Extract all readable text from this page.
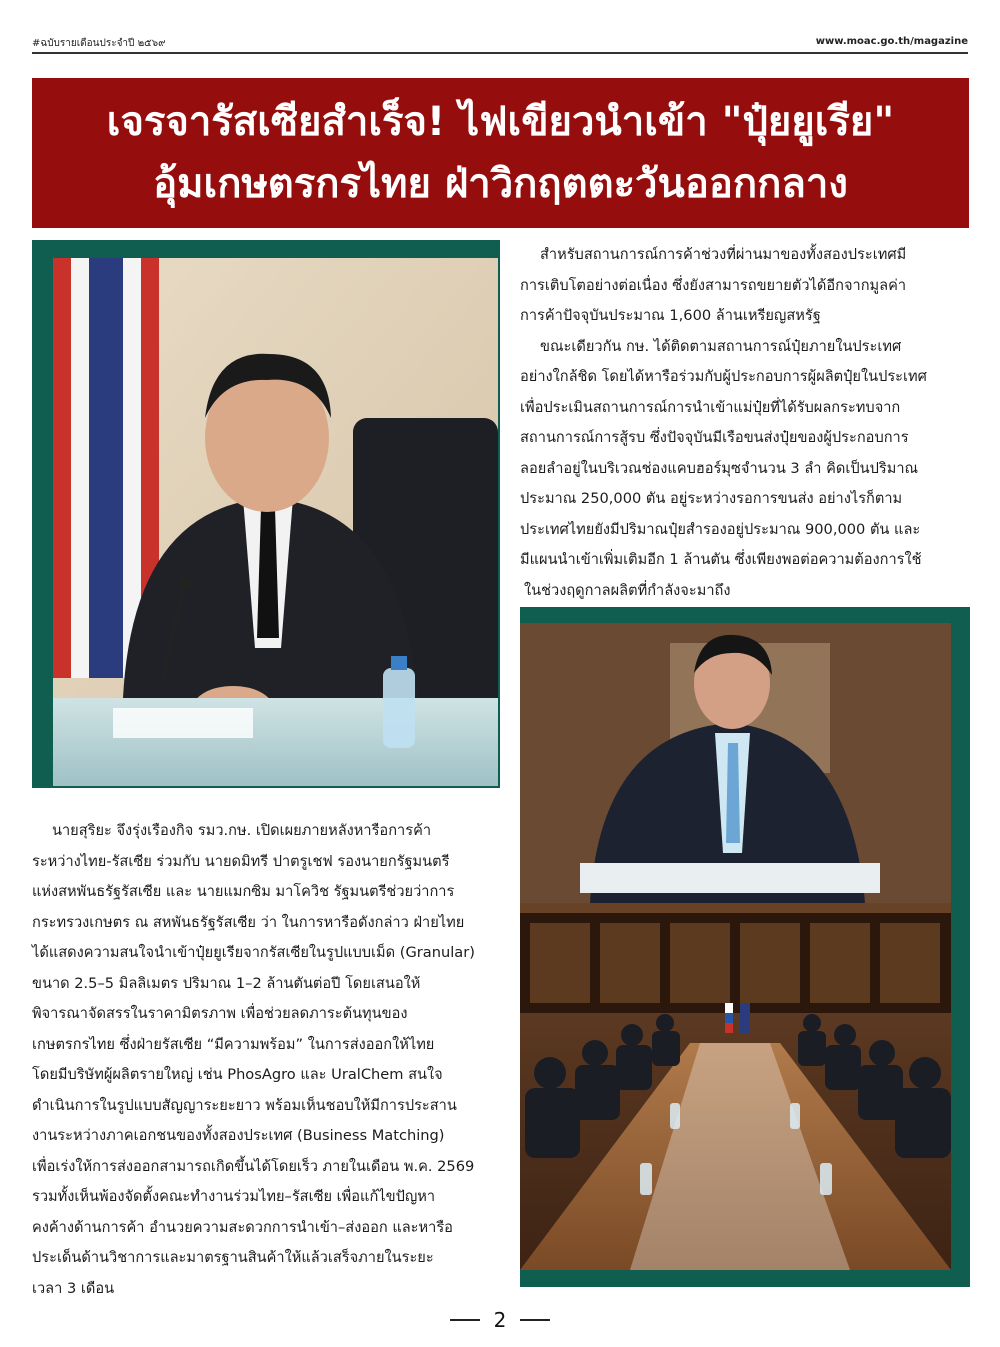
#ฉบับรายเดือนประจำปี ๒๕๖๙	www.moac.go.th/magazine
เจรจารัสเซียสำเร็จ! ไฟเขียวนำเข้า "ปุ๋ยยูเรีย"
อุ้มเกษตรกรไทย ฝ่าวิกฤตตะวันออกกลาง

สำหรับสถานการณ์การค้าช่วงที่ผ่านมาของทั้งสองประเทศมี

การเติบโตอย่างต่อเนื่อง ซึ่งยังสามารถขยายตัวได้อีกจากมูลค่า

การค้าปัจจุบันประมาณ 1,600 ล้านเหรียญสหรัฐ

ขณะเดียวกัน กษ. ได้ติดตามสถานการณ์ปุ๋ยภายในประเทศ

อย่างใกล้ชิด โดยได้หารือร่วมกับผู้ประกอบการผู้ผลิตปุ๋ยในประเทศ

เพื่อประเมินสถานการณ์การนำเข้าแม่ปุ๋ยที่ได้รับผลกระทบจาก

สถานการณ์การสู้รบ ซึ่งปัจจุบันมีเรือขนส่งปุ๋ยของผู้ประกอบการ

ลอยลำอยู่ในบริเวณช่องแคบฮอร์มุซจำนวน 3 ลำ คิดเป็นปริมาณ

ประมาณ 250,000 ตัน อยู่ระหว่างรอการขนส่ง อย่างไรก็ตาม

ประเทศไทยยังมีปริมาณปุ๋ยสำรองอยู่ประมาณ 900,000 ตัน และ

มีแผนนำเข้าเพิ่มเติมอีก 1 ล้านตัน ซึ่งเพียงพอต่อความต้องการใช้

ในช่วงฤดูกาลผลิตที่กำลังจะมาถึง

นายสุริยะ จึงรุ่งเรืองกิจ รมว.กษ. เปิดเผยภายหลังหารือการค้า

ระหว่างไทย-รัสเซีย ร่วมกับ นายดมิทรี ปาตรูเชฟ รองนายกรัฐมนตรี

แห่งสหพันธรัฐรัสเซีย และ นายแมกซิม มาโควิช รัฐมนตรีช่วยว่าการ

กระทรวงเกษตร ณ สหพันธรัฐรัสเซีย ว่า ในการหารือดังกล่าว ฝ่ายไทย

ได้แสดงความสนใจนำเข้าปุ๋ยยูเรียจากรัสเซียในรูปแบบเม็ด (Granular)

ขนาด 2.5–5 มิลลิเมตร ปริมาณ 1–2 ล้านตันต่อปี โดยเสนอให้

พิจารณาจัดสรรในราคามิตรภาพ เพื่อช่วยลดภาระต้นทุนของ

เกษตรกรไทย ซึ่งฝ่ายรัสเซีย “มีความพร้อม” ในการส่งออกให้ไทย

โดยมีบริษัทผู้ผลิตรายใหญ่ เช่น PhosAgro และ UralChem สนใจ

ดำเนินการในรูปแบบสัญญาระยะยาว พร้อมเห็นชอบให้มีการประสาน

งานระหว่างภาคเอกชนของทั้งสองประเทศ (Business Matching)

เพื่อเร่งให้การส่งออกสามารถเกิดขึ้นได้โดยเร็ว ภายในเดือน พ.ค. 2569

รวมทั้งเห็นพ้องจัดตั้งคณะทำงานร่วมไทย–รัสเซีย เพื่อแก้ไขปัญหา

คงค้างด้านการค้า อำนวยความสะดวกการนำเข้า–ส่งออก และหารือ

ประเด็นด้านวิชาการและมาตรฐานสินค้าให้แล้วเสร็จภายในระยะ

เวลา 3 เดือน

2
